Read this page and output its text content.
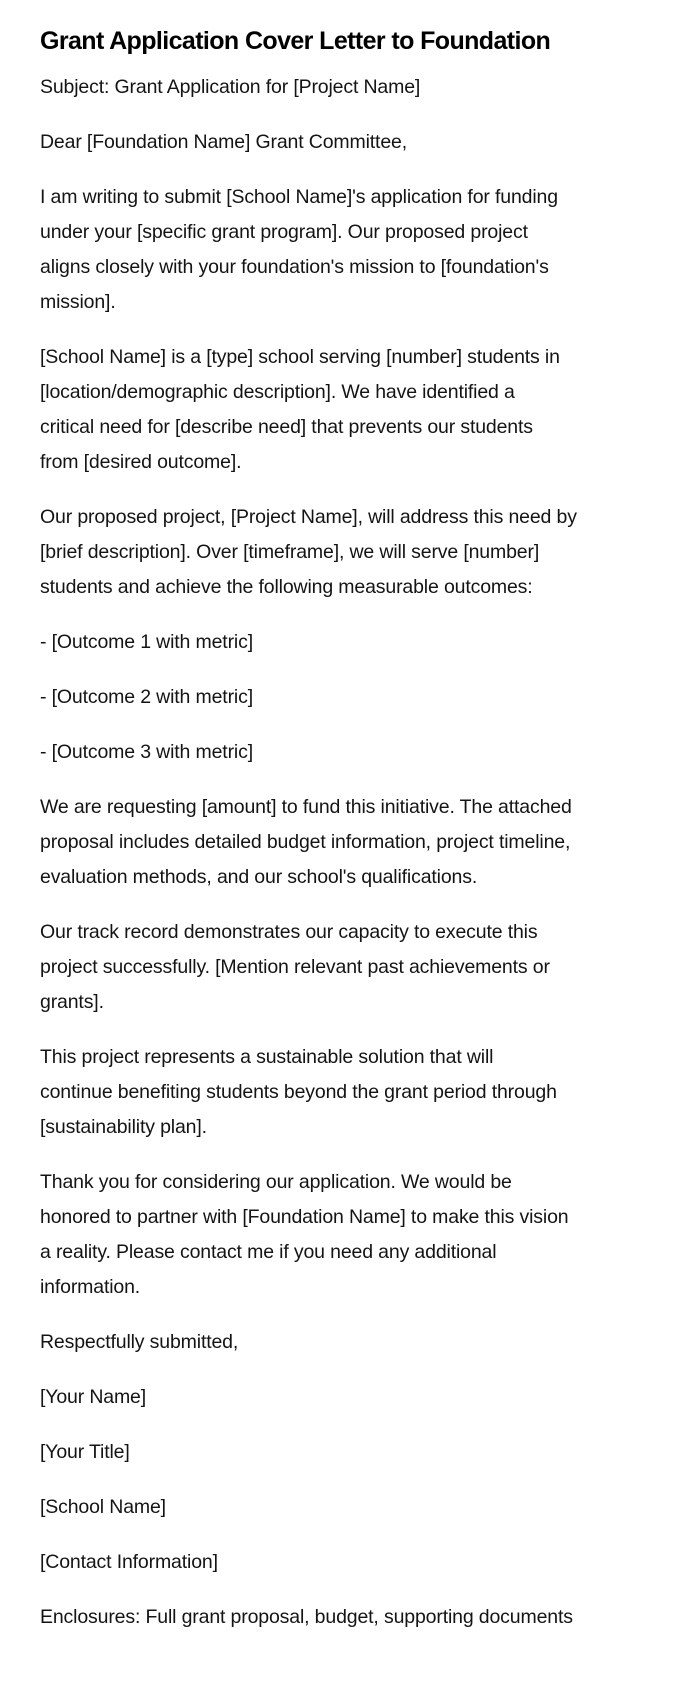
Grant Application Cover Letter to Foundation

Subject: Grant Application for [Project Name]

Dear [Foundation Name] Grant Committee,

I am writing to submit [School Name]'s application for funding
under your [specific grant program]. Our proposed project
aligns closely with your foundation's mission to [foundation's
mission].

[School Name] is a [type] school serving [number] students in
[location/demographic description]. We have identified a
critical need for [describe need] that prevents our students
from [desired outcome].

Our proposed project, [Project Name], will address this need by
[brief description]. Over [timeframe], we will serve [number]
students and achieve the following measurable outcomes:

- [Outcome 1 with metric]

- [Outcome 2 with metric]

- [Outcome 3 with metric]

We are requesting [amount] to fund this initiative. The attached
proposal includes detailed budget information, project timeline,
evaluation methods, and our school's qualifications.

Our track record demonstrates our capacity to execute this
project successfully. [Mention relevant past achievements or
grants].

This project represents a sustainable solution that will
continue benefiting students beyond the grant period through
[sustainability plan].

Thank you for considering our application. We would be
honored to partner with [Foundation Name] to make this vision
a reality. Please contact me if you need any additional
information.

Respectfully submitted,

[Your Name]

[Your Title]

[School Name]

[Contact Information]

Enclosures: Full grant proposal, budget, supporting documents
